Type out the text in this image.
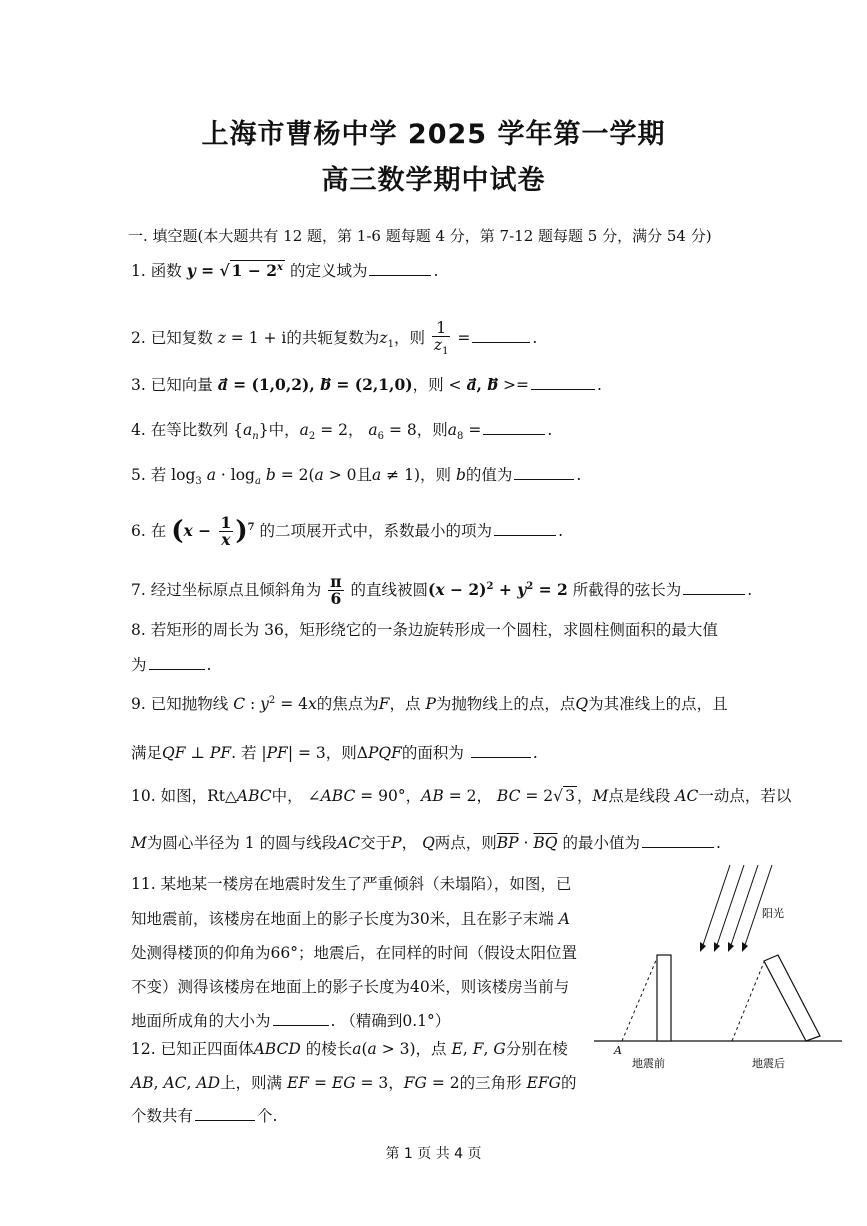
上海市曹杨中学 2025 学年第一学期
高三数学期中试卷
一. 填空题(本大题共有 12 题，第 1-6 题每题 4 分，第 7-12 题每题 5 分，满分 54 分)
1. 函数 y = √ $1 - 2^x$ 的定义域为	.
2. 已知复数 z = 1 + i的共轭复数为$z_1$，则 $\frac{1}{z_1}$ =	.
3. 已知向量 a⃗ = (1,0,2), b⃗ = (2,1,0)，则 < a⃗, b >=	.
4. 在等比数列 $\{a_n\}$中，$a_2 = 2$， $a_6 = 8$，则$a_8$ =	.
5. 若 $\log_3 a \cdot \log_a b = 2(a > 0$且a ≠ 1)，则 b的值为	.
6. 在 $(x - \frac{1}{x} )^7$ 的二项展开式中，系数最小的项为	.
7. 经过坐标原点且倾斜角为 $\frac{\pi}{6}$ 的直线被圆$(x - 2)^2 + y^2 = 2$ 所截得的弦长为	.
8. 若矩形的周长为 36，矩形绕它的一条边旋转形成一个圆柱，求圆柱侧面积的最大值
为	.
9. 已知抛物线 C : $y^2 = 4x$的焦点为F，点 P为抛物线上的点，点Q为其准线上的点，且
满足QF ⊥ PF. 若 |PF| = 3，则ΔPQF的面积为	.
10. 如图，Rt△ABC中， ∠ABC = 90°，AB = 2， BC = 2√ 3 ，M点是线段 AC一动点，若以
M为圆心半径为 1 的圆与线段AC交于P， Q两点，则$\overline{BP} \cdot \overline{BQ}$ 的最小值为	.
11. 某地某一楼房在地震时发生了严重倾斜（未塌陷），如图，已
知地震前，该楼房在地面上的影子长度为30米，且在影子末端 A
处测得楼顶的仰角为66°；地震后，在同样的时间（假设太阳位置
不变）测得该楼房在地面上的影子长度为40米，则该楼房当前与
地面所成角的大小为	. （精确到0.1°）
12. 已知正四面体ABCD 的棱长a(a > 3)，点 E, F, G分别在棱
AB, AC, AD上，则满 EF = EG = 3，FG = 2的三角形 EFG的
个数共有	个.
阳光
A
地震前	地震后
第 1 页 共 4 页
